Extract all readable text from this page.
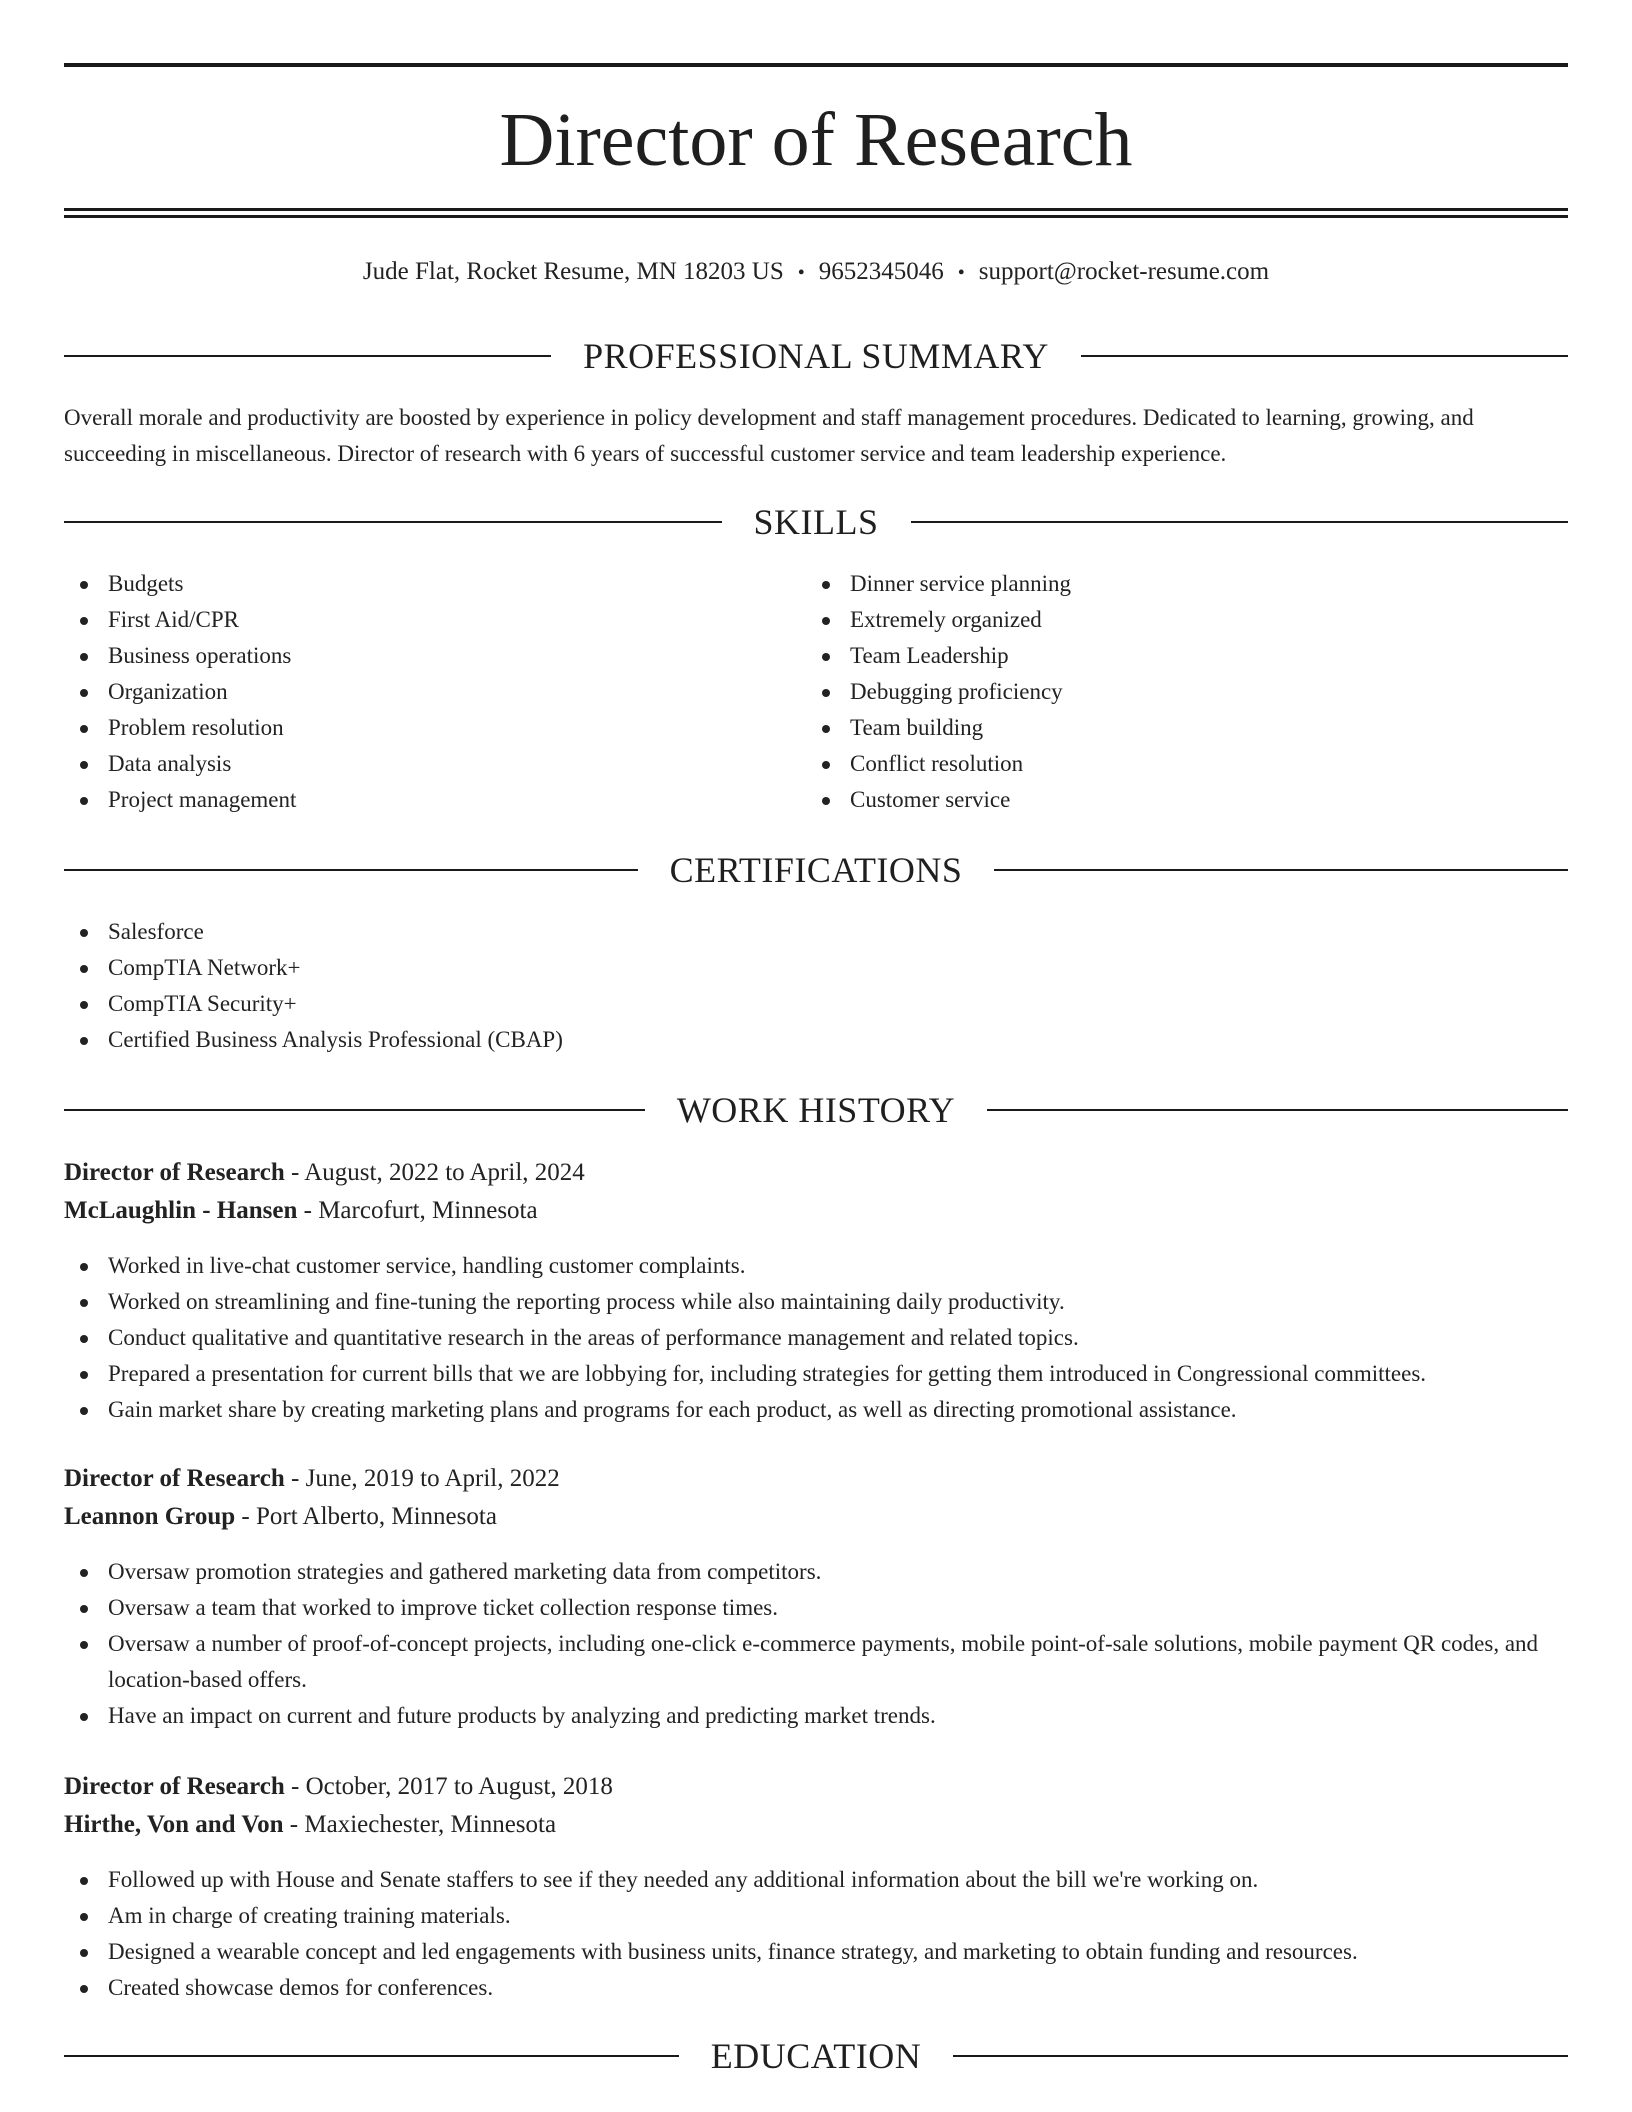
Director of Research

Jude Flat, Rocket Resume, MN 18203 US • 9652345046 • support@rocket-resume.com

PROFESSIONAL SUMMARY

Overall morale and productivity are boosted by experience in policy development and staff management procedures. Dedicated to learning, growing, and succeeding in miscellaneous. Director of research with 6 years of successful customer service and team leadership experience.

SKILLS
Budgets
First Aid/CPR
Business operations
Organization
Problem resolution
Data analysis
Project management
Dinner service planning
Extremely organized
Team Leadership
Debugging proficiency
Team building
Conflict resolution
Customer service
CERTIFICATIONS
Salesforce
CompTIA Network+
CompTIA Security+
Certified Business Analysis Professional (CBAP)
WORK HISTORY

Director of Research - August, 2022 to April, 2024

McLaughlin - Hansen - Marcofurt, Minnesota

Worked in live-chat customer service, handling customer complaints.
Worked on streamlining and fine-tuning the reporting process while also maintaining daily productivity.
Conduct qualitative and quantitative research in the areas of performance management and related topics.
Prepared a presentation for current bills that we are lobbying for, including strategies for getting them introduced in Congressional committees.
Gain market share by creating marketing plans and programs for each product, as well as directing promotional assistance.

Director of Research - June, 2019 to April, 2022

Leannon Group - Port Alberto, Minnesota

Oversaw promotion strategies and gathered marketing data from competitors.
Oversaw a team that worked to improve ticket collection response times.
Oversaw a number of proof-of-concept projects, including one-click e-commerce payments, mobile point-of-sale solutions, mobile payment QR codes, and location-based offers.
Have an impact on current and future products by analyzing and predicting market trends.

Director of Research - October, 2017 to August, 2018

Hirthe, Von and Von - Maxiechester, Minnesota

Followed up with House and Senate staffers to see if they needed any additional information about the bill we're working on.
Am in charge of creating training materials.
Designed a wearable concept and led engagements with business units, finance strategy, and marketing to obtain funding and resources.
Created showcase demos for conferences.
EDUCATION
